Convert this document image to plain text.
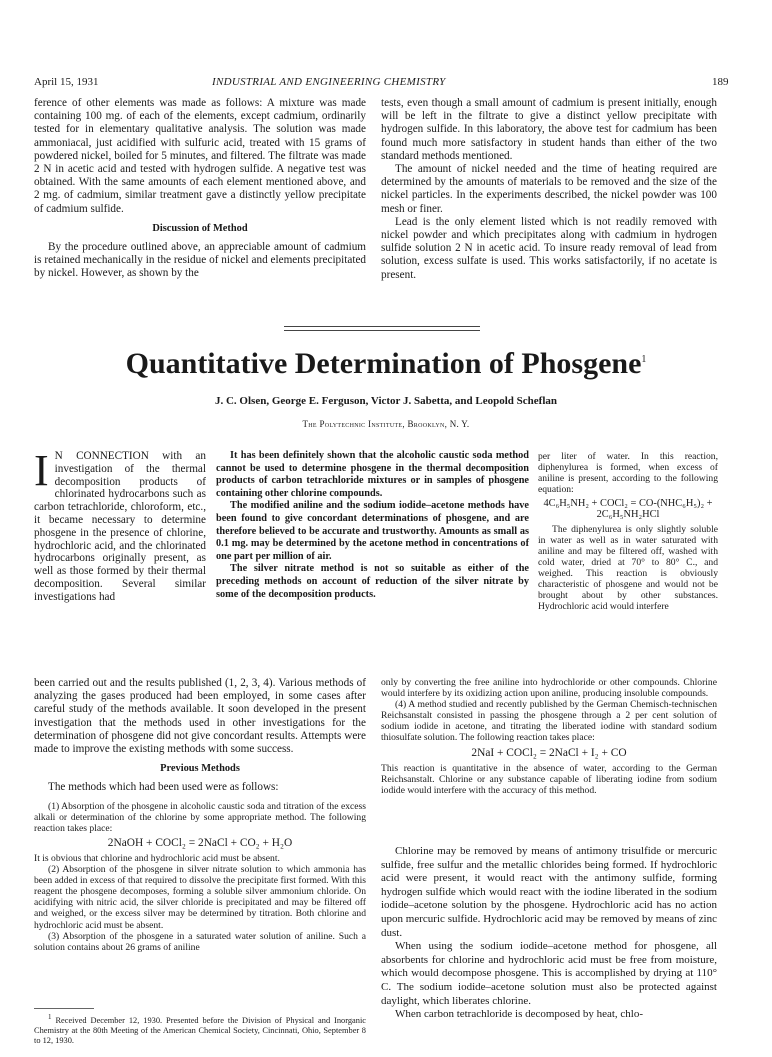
April 15, 1931	INDUSTRIAL AND ENGINEERING CHEMISTRY	189

ference of other elements was made as follows: A mixture was made containing 100 mg. of each of the elements, except cadmium, ordinarily tested for in elementary qualitative analysis. The solution was made ammoniacal, just acidified with sulfuric acid, treated with 15 grams of powdered nickel, boiled for 5 minutes, and filtered. The filtrate was made 2 N in acetic acid and tested with hydrogen sulfide. A negative test was obtained. With the same amounts of each element mentioned above, and 2 mg. of cadmium, similar treatment gave a distinctly yellow precipitate of cadmium sulfide.

Discussion of Method

By the procedure outlined above, an appreciable amount of cadmium is retained mechanically in the residue of nickel and elements precipitated by nickel. However, as shown by the

tests, even though a small amount of cadmium is present initially, enough will be left in the filtrate to give a distinct yellow precipitate with hydrogen sulfide. In this laboratory, the above test for cadmium has been found much more satisfactory in student hands than either of the two standard methods mentioned.

The amount of nickel needed and the time of heating required are determined by the amounts of materials to be removed and the size of the nickel particles. In the experiments described, the nickel powder was 100 mesh or finer.

Lead is the only element listed which is not readily removed with nickel powder and which precipitates along with cadmium in hydrogen sulfide solution 2 N in acetic acid. To insure ready removal of lead from solution, excess sulfate is used. This works satisfactorily, if no acetate is present.

Quantitative Determination of Phosgene$^1$
J. C. Olsen, George E. Ferguson, Victor J. Sabetta, and Leopold Scheflan
The Polytechnic Institute, Brooklyn, N. Y.

I N CONNECTION with an investigation of the thermal decomposition products of chlorinated hydrocarbons such as carbon tetrachloride, chloroform, etc., it became necessary to determine phosgene in the presence of chlorine, hydrochloric acid, and the chlorinated hydrocarbons originally present, as well as those formed by their thermal decomposition. Several similar investigations had

It has been definitely shown that the alcoholic caustic soda method cannot be used to determine phosgene in the thermal decomposition products of carbon tetrachloride mixtures or in samples of phosgene containing other chlorine compounds.

The modified aniline and the sodium iodide–acetone methods have been found to give concordant determinations of phosgene, and are therefore believed to be accurate and trustworthy. Amounts as small as 0.1 mg. may be determined by the acetone method in concentrations of one part per million of air.

The silver nitrate method is not so suitable as either of the preceding methods on account of reduction of the silver nitrate by some of the decomposition products.

per liter of water. In this reaction, diphenylurea is formed, when excess of aniline is present, according to the following equation:

4C₆H₅NH₂ + COCl₂ = CO-(NHC₆H₅)₂ + 2C₆H₅NH₂HCl

The diphenylurea is only slightly soluble in water as well as in water saturated with aniline and may be filtered off, washed with cold water, dried at 70° to 80° C., and weighed. This reaction is obviously characteristic of phosgene and would not be brought about by other substances. Hydrochloric acid would interfere

been carried out and the results published (1, 2, 3, 4). Various methods of analyzing the gases produced had been employed, in some cases after careful study of the methods available. It soon developed in the present investigation that the methods used in other investigations for the determination of phosgene did not give concordant results. Attempts were made to improve the existing methods with some success.

Previous Methods

The methods which had been used were as follows:

(1) Absorption of the phosgene in alcoholic caustic soda and titration of the excess alkali or determination of the chlorine by some appropriate method. The following reaction takes place:

2NaOH + COCl₂ = 2NaCl + CO₂ + H₂O

It is obvious that chlorine and hydrochloric acid must be absent.

(2) Absorption of the phosgene in silver nitrate solution to which ammonia has been added in excess of that required to dissolve the precipitate first formed. With this reagent the phosgene decomposes, forming a soluble silver ammonium chloride. On acidifying with nitric acid, the silver chloride is precipitated and may be filtered off and weighed, or the excess silver may be determined by titration. Both chlorine and hydrochloric acid must be absent.

(3) Absorption of the phosgene in a saturated water solution of aniline. Such a solution contains about 26 grams of aniline

$^1$ Received December 12, 1930. Presented before the Division of Physical and Inorganic Chemistry at the 80th Meeting of the American Chemical Society, Cincinnati, Ohio, September 8 to 12, 1930.

only by converting the free aniline into hydrochloride or other compounds. Chlorine would interfere by its oxidizing action upon aniline, producing insoluble compounds.

(4) A method studied and recently published by the German Chemisch-technischen Reichsanstalt consisted in passing the phosgene through a 2 per cent solution of sodium iodide in acetone, and titrating the liberated iodine with standard sodium thiosulfate solution. The following reaction takes place:

2NaI + COCl₂ = 2NaCl + I₂ + CO

This reaction is quantitative in the absence of water, according to the German Reichsanstalt. Chlorine or any substance capable of liberating iodine from sodium iodide would interfere with the accuracy of this method.

Chlorine may be removed by means of antimony trisulfide or mercuric sulfide, free sulfur and the metallic chlorides being formed. If hydrochloric acid were present, it would react with the antimony sulfide, forming hydrogen sulfide which would react with the iodine liberated in the sodium iodide–acetone solution by the phosgene. Hydrochloric acid has no action upon mercuric sulfide. Hydrochloric acid may be removed by means of zinc dust.

When using the sodium iodide–acetone method for phosgene, all absorbents for chlorine and hydrochloric acid must be free from moisture, which would decompose phosgene. This is accomplished by drying at 110° C. The sodium iodide–acetone solution must also be protected against daylight, which liberates chlorine.

When carbon tetrachloride is decomposed by heat, chlo-
